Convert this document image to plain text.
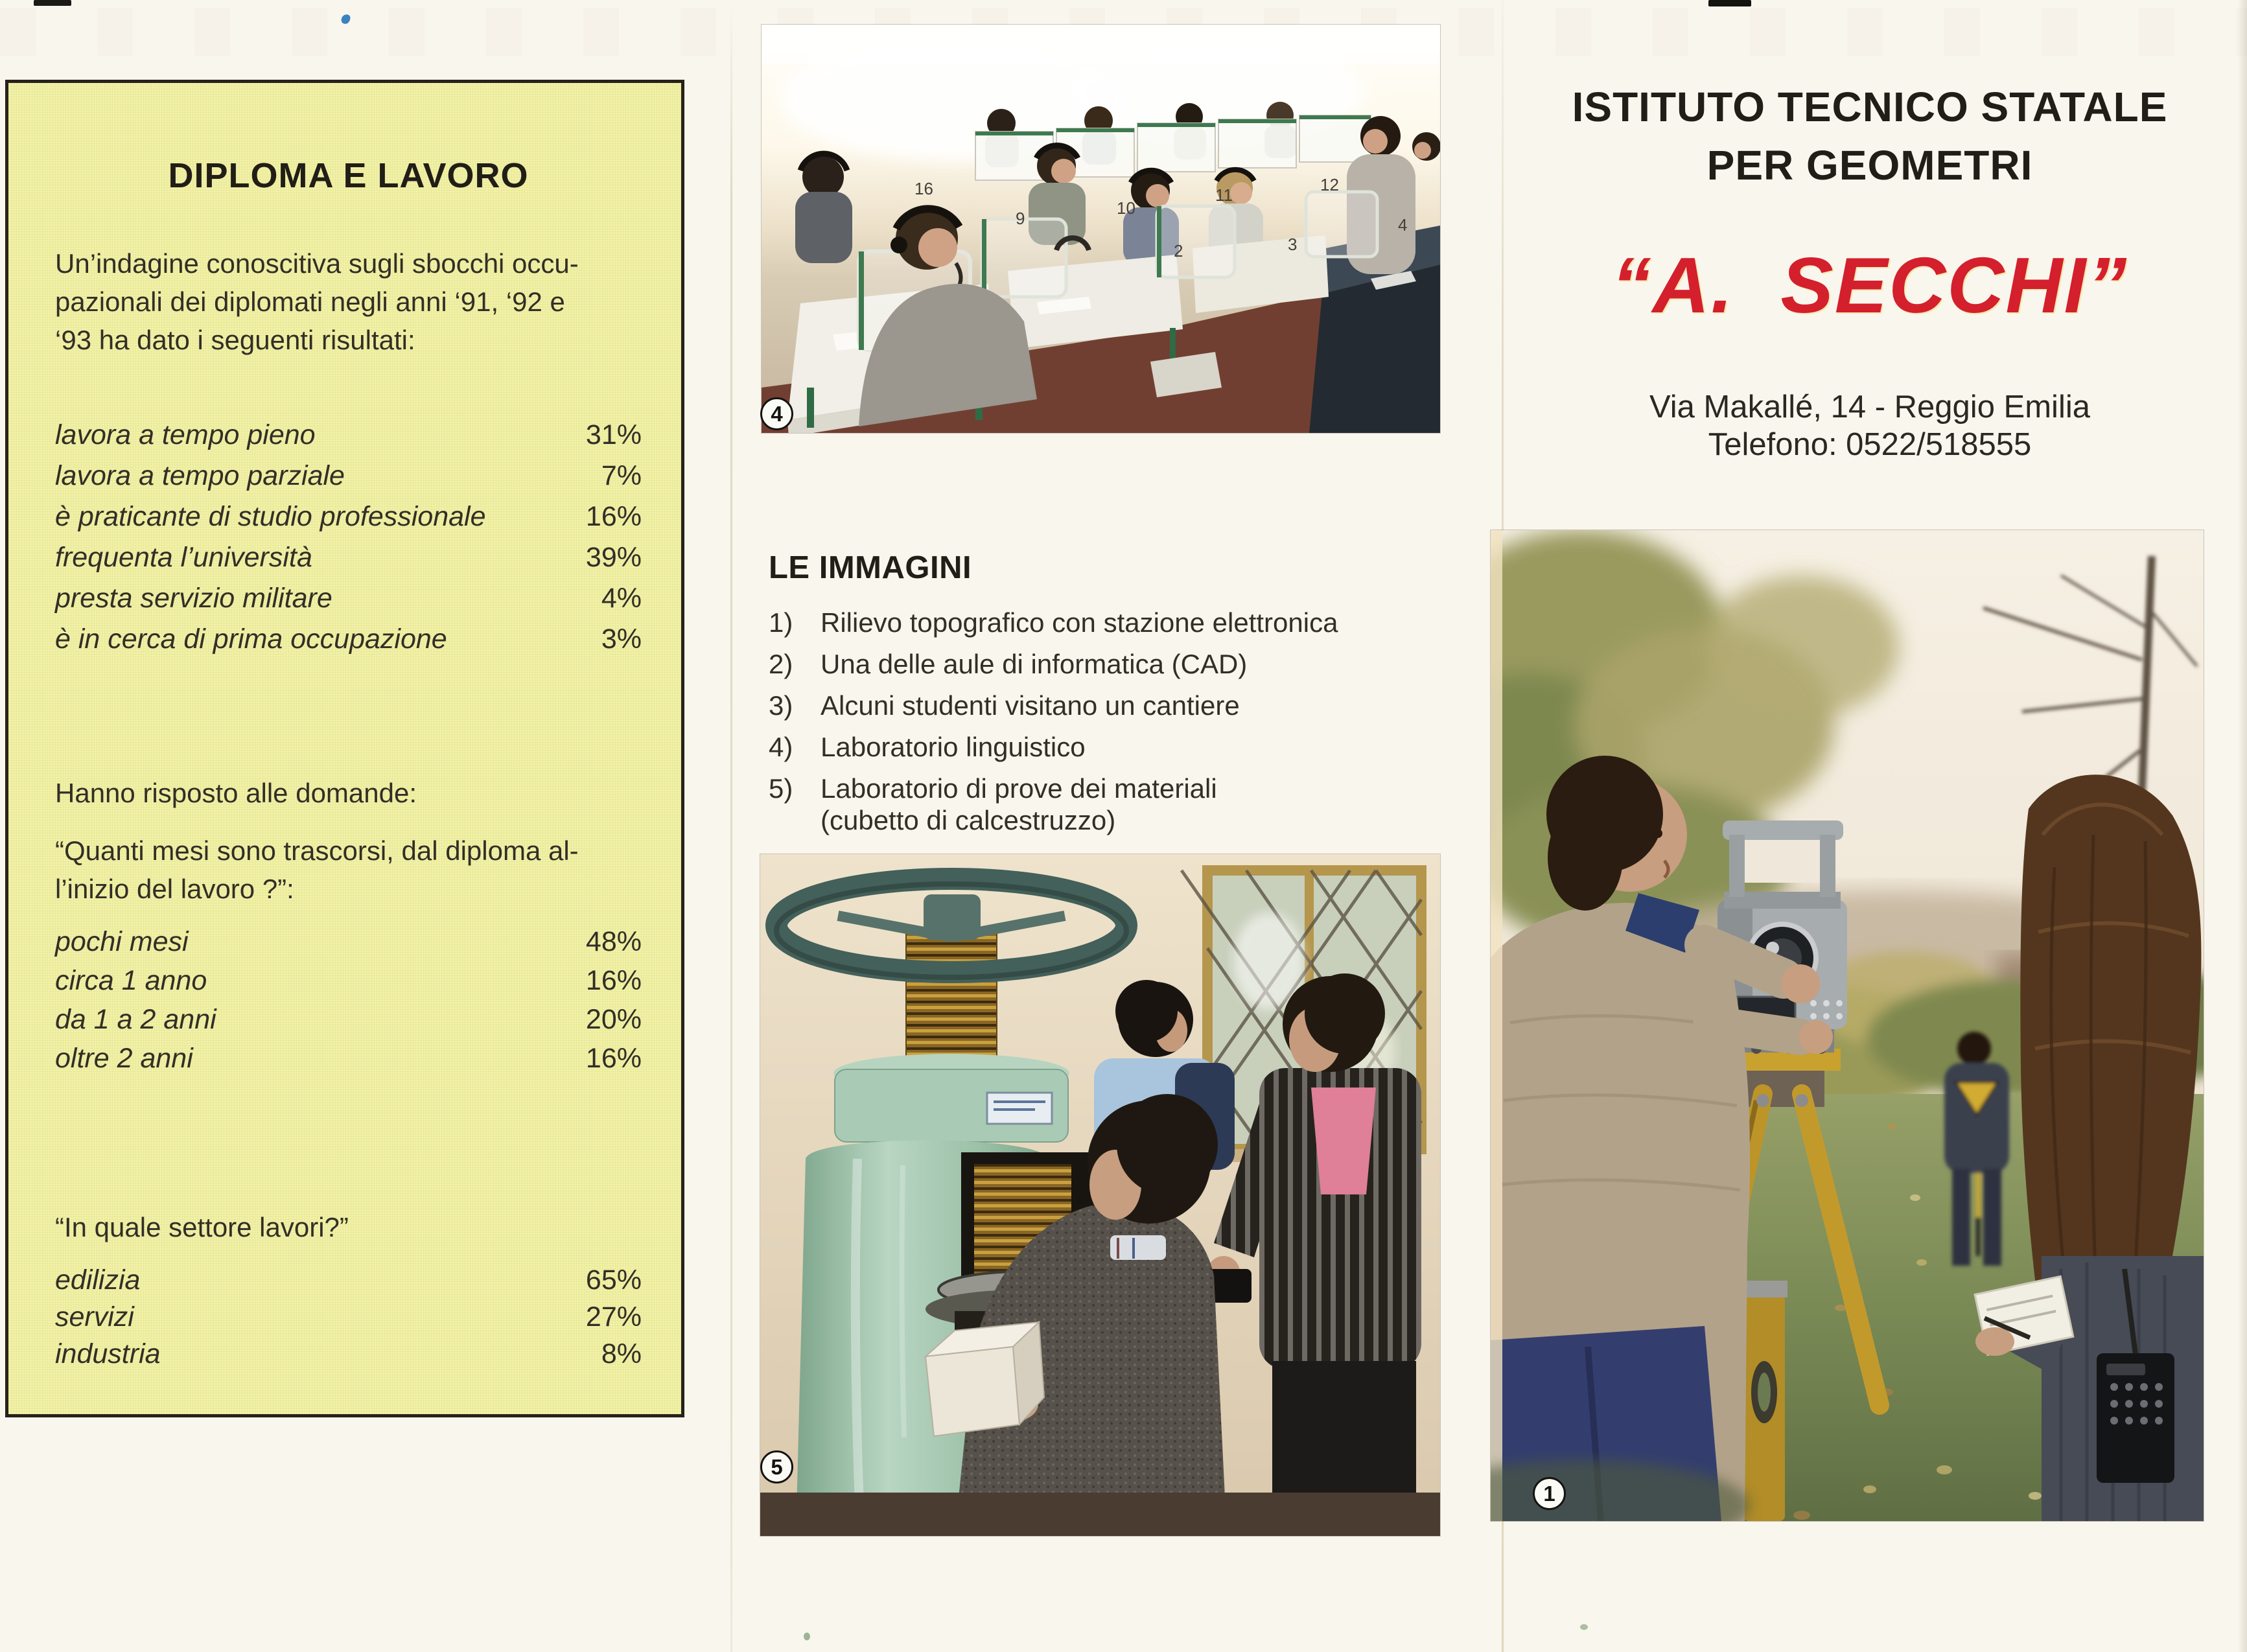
DIPLOMA E LAVORO
Un’indagine conoscitiva sugli sbocchi occu-
pazionali dei diplomati negli anni ‘91, ‘92 e
‘93 ha dato i seguenti risultati:
lavora a tempo pieno	31%
lavora a tempo parziale	7%
è praticante di studio professionale	16%
frequenta l’università	39%
presta servizio militare	4%
è in cerca di prima occupazione	3%
Hanno risposto alle domande:
“Quanti mesi sono trascorsi, dal diploma al-
l’inizio del lavoro ?”:
pochi mesi	48%
circa 1 anno	16%
da 1 a 2 anni	20%
oltre 2 anni	16%
“In quale settore lavori?”
edilizia	65%
servizi	27%
industria	8%
16
9
10
2
11
3
12
4
4
LE IMMAGINI
1)	Rilievo topografico con stazione elettronica
2)	Una delle aule di informatica (CAD)
3)	Alcuni studenti visitano un cantiere
4)	Laboratorio linguistico
5)	Laboratorio di prove dei materiali
(cubetto di calcestruzzo)
5
ISTITUTO TECNICO STATALE
PER GEOMETRI
“A.  SECCHI”
Via Makallé, 14 - Reggio Emilia
Telefono: 0522/518555
1
